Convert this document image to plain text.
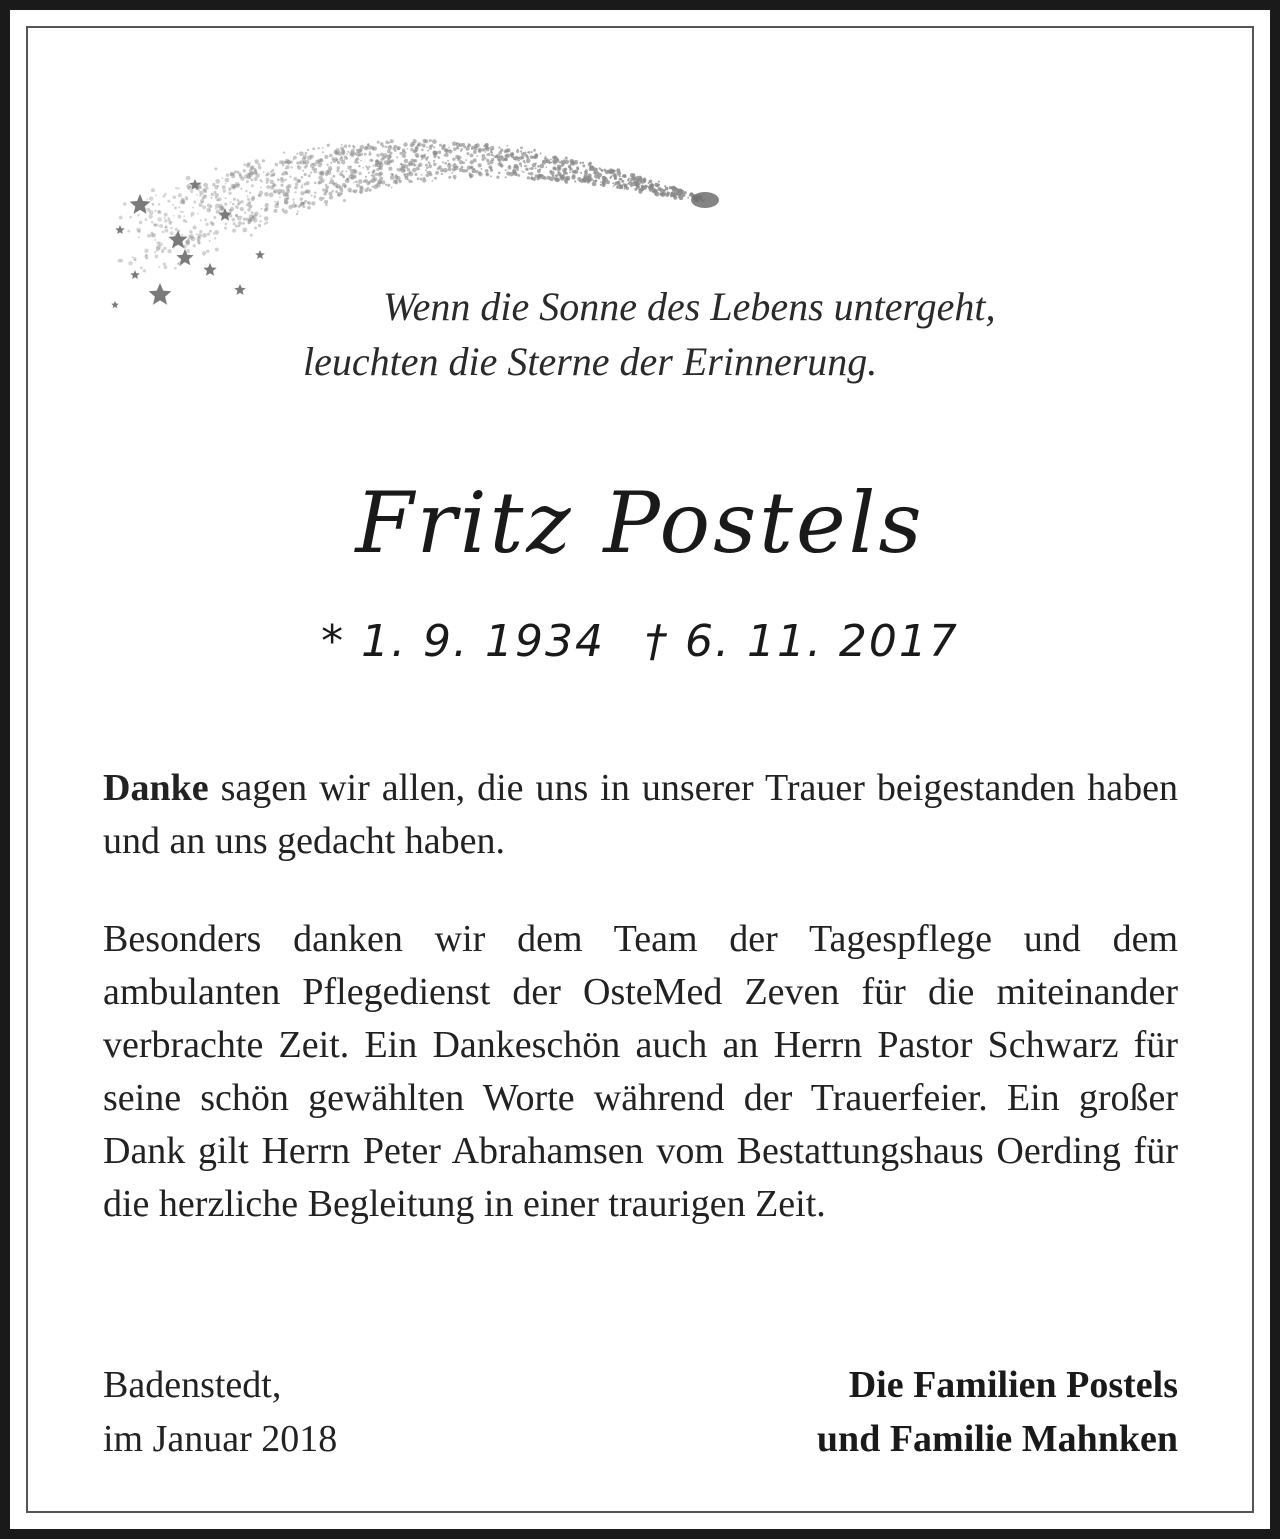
Wenn die Sonne des Lebens untergeht,
leuchten die Sterne der Erinnerung.
Fritz Postels
* 1. 9. 1934 † 6. 11. 2017

Danke sagen wir allen, die uns in unserer Trauer beigestanden haben und an uns gedacht haben.

Besonders danken wir dem Team der Tagespflege und dem ambulanten Pflegedienst der OsteMed Zeven für die miteinander verbrachte Zeit. Ein Dankeschön auch an Herrn Pastor Schwarz für seine schön gewählten Worte während der Trauerfeier. Ein großer Dank gilt Herrn Peter Abrahamsen vom Bestattungshaus Oerding für die herzliche Begleitung in einer traurigen Zeit.

Badenstedt,
im Januar 2018
Die Familien Postels
und Familie Mahnken
